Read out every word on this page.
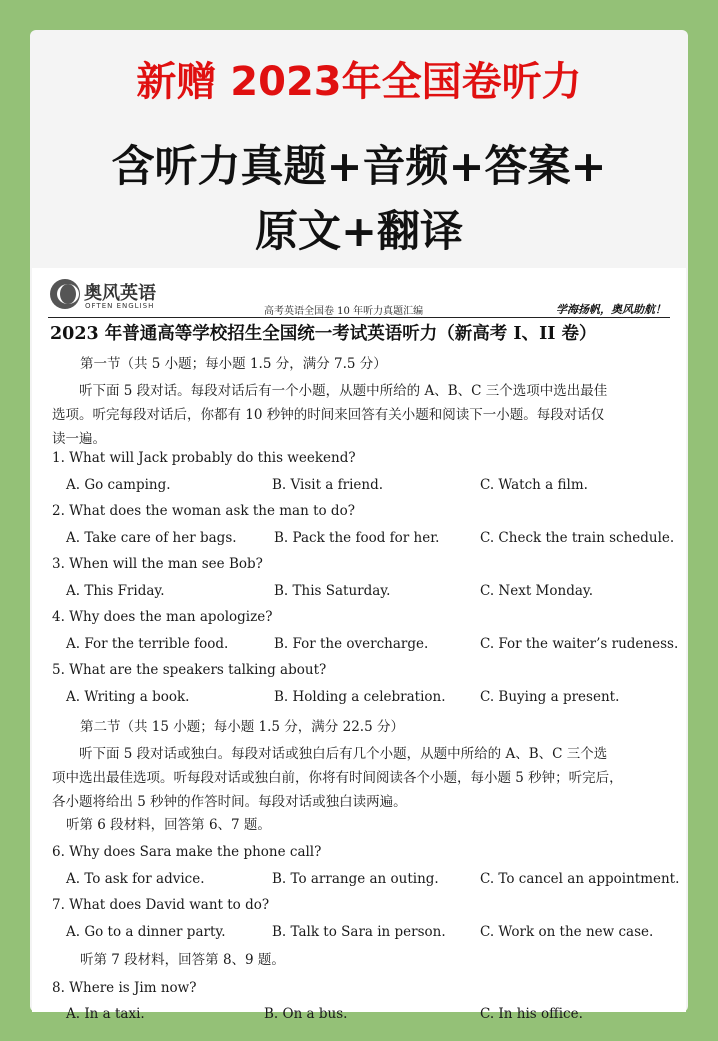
新赠 2023年全国卷听力
含听力真题+音频+答案+
原文+翻译
奥风英语
OFTEN ENGLISH	高考英语全国卷 10 年听力真题汇编	学海扬帆，奥风助航！
2023 年普通高等学校招生全国统一考试英语听力（新高考 I、II 卷）
第一节（共 5 小题；每小题 1.5 分，满分 7.5 分）
听下面 5 段对话。每段对话后有一个小题，从题中所给的 A、B、C 三个选项中选出最佳
选项。听完每段对话后，你都有 10 秒钟的时间来回答有关小题和阅读下一小题。每段对话仅
读一遍。
1. What will Jack probably do this weekend?
A. Go camping.	B. Visit a friend.	C. Watch a film.
2. What does the woman ask the man to do?
A. Take care of her bags.	B. Pack the food for her.	C. Check the train schedule.
3. When will the man see Bob?
A. This Friday.	B. This Saturday.	C. Next Monday.
4. Why does the man apologize?
A. For the terrible food.	B. For the overcharge.	C. For the waiter’s rudeness.
5. What are the speakers talking about?
A. Writing a book.	B. Holding a celebration.	C. Buying a present.
第二节（共 15 小题；每小题 1.5 分，满分 22.5 分）
听下面 5 段对话或独白。每段对话或独白后有几个小题，从题中所给的 A、B、C 三个选
项中选出最佳选项。听每段对话或独白前，你将有时间阅读各个小题，每小题 5 秒钟；听完后，
各小题将给出 5 秒钟的作答时间。每段对话或独白读两遍。
听第 6 段材料，回答第 6、7 题。
6. Why does Sara make the phone call?
A. To ask for advice.	B. To arrange an outing.	C. To cancel an appointment.
7. What does David want to do?
A. Go to a dinner party.	B. Talk to Sara in person.	C. Work on the new case.
听第 7 段材料，回答第 8、9 题。
8. Where is Jim now?
A. In a taxi.	B. On a bus.	C. In his office.
